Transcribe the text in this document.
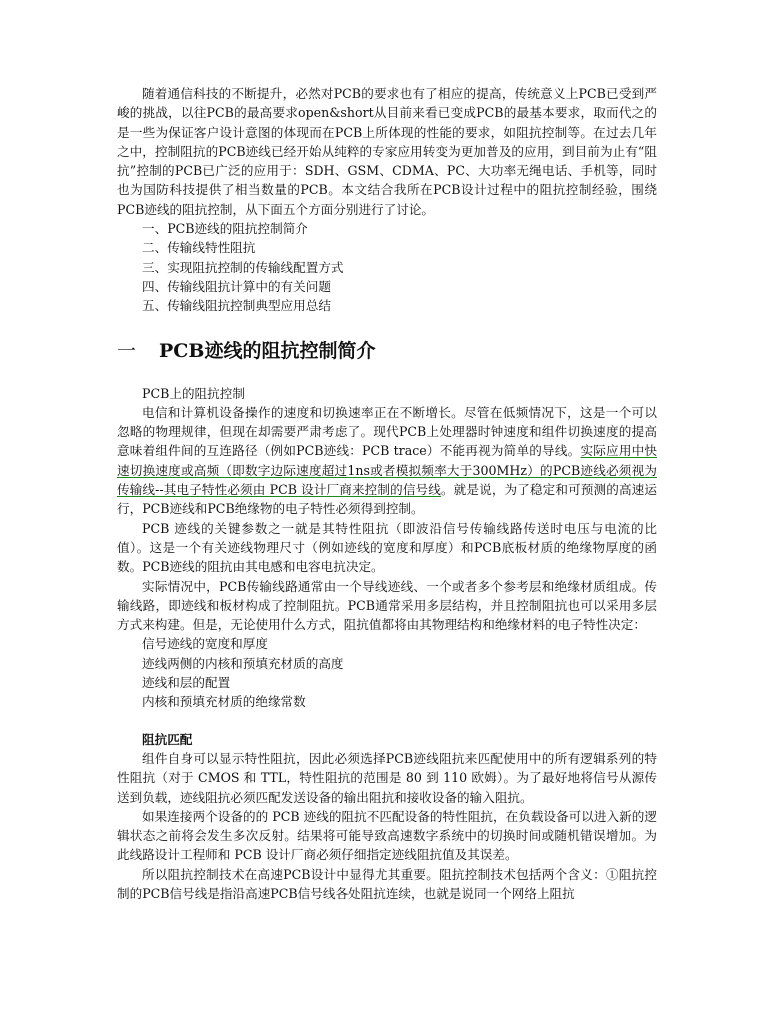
随着通信科技的不断提升，必然对PCB的要求也有了相应的提高，传统意义上PCB已受到严峻的挑战，以往PCB的最高要求open&short从目前来看已变成PCB的最基本要求，取而代之的是一些为保证客户设计意图的体现而在PCB上所体现的性能的要求，如阻抗控制等。在过去几年之中，控制阻抗的PCB迹线已经开始从纯粹的专家应用转变为更加普及的应用，到目前为止有“阻抗”控制的PCB已广泛的应用于：SDH、GSM、CDMA、PC、大功率无绳电话、手机等，同时也为国防科技提供了相当数量的PCB。本文结合我所在PCB设计过程中的阻抗控制经验，围绕PCB迹线的阻抗控制，从下面五个方面分别进行了讨论。

一、PCB迹线的阻抗控制简介

二、传输线特性阻抗

三、实现阻抗控制的传输线配置方式

四、传输线阻抗计算中的有关问题

五、传输线阻抗控制典型应用总结

一 PCB迹线的阻抗控制简介

PCB上的阻抗控制

电信和计算机设备操作的速度和切换速率正在不断增长。尽管在低频情况下，这是一个可以忽略的物理规律，但现在却需要严肃考虑了。现代PCB上处理器时钟速度和组件切换速度的提高意味着组件间的互连路径（例如PCB迹线：PCB trace）不能再视为简单的导线。实际应用中快速切换速度或高频（即数字边际速度超过1ns或者模拟频率大于300MHz）的PCB迹线必须视为传输线--其电子特性必须由 PCB 设计厂商来控制的信号线。就是说，为了稳定和可预测的高速运行，PCB迹线和PCB绝缘物的电子特性必须得到控制。

PCB 迹线的关键参数之一就是其特性阻抗（即波沿信号传输线路传送时电压与电流的比值）。这是一个有关迹线物理尺寸（例如迹线的宽度和厚度）和PCB底板材质的绝缘物厚度的函数。PCB迹线的阻抗由其电感和电容电抗决定。

实际情况中，PCB传输线路通常由一个导线迹线、一个或者多个参考层和绝缘材质组成。传输线路，即迹线和板材构成了控制阻抗。PCB通常采用多层结构，并且控制阻抗也可以采用多层方式来构建。但是，无论使用什么方式，阻抗值都将由其物理结构和绝缘材料的电子特性决定：

信号迹线的宽度和厚度

迹线两侧的内核和预填充材质的高度

迹线和层的配置

内核和预填充材质的绝缘常数

阻抗匹配

组件自身可以显示特性阻抗，因此必须选择PCB迹线阻抗来匹配使用中的所有逻辑系列的特性阻抗（对于 CMOS 和 TTL，特性阻抗的范围是 80 到 110 欧姆）。为了最好地将信号从源传送到负载，迹线阻抗必须匹配发送设备的输出阻抗和接收设备的输入阻抗。

如果连接两个设备的的 PCB 迹线的阻抗不匹配设备的特性阻抗，在负载设备可以进入新的逻辑状态之前将会发生多次反射。结果将可能导致高速数字系统中的切换时间或随机错误增加。为此线路设计工程师和 PCB 设计厂商必须仔细指定迹线阻抗值及其误差。

所以阻抗控制技术在高速PCB设计中显得尤其重要。阻抗控制技术包括两个含义：①阻抗控制的PCB信号线是指沿高速PCB信号线各处阻抗连续，也就是说同一个网络上阻抗
